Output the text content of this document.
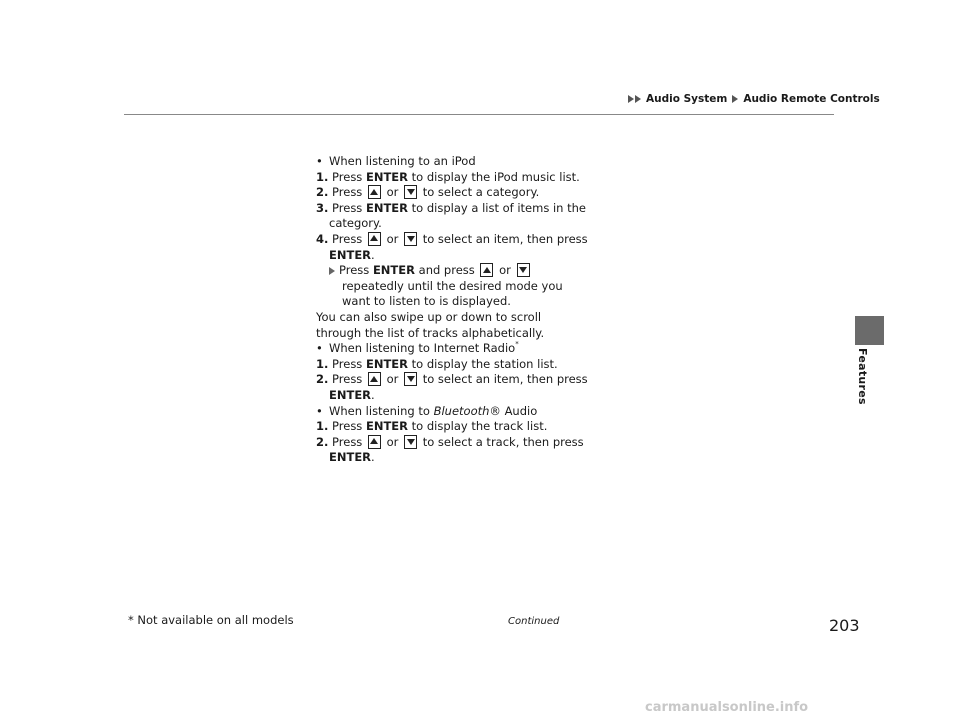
Audio System Audio Remote Controls
Features
• When listening to an iPod
1. Press ENTER to display the iPod music list.
2. Press or to select a category.
3. Press ENTER to display a list of items in the
category.
4. Press or to select an item, then press
ENTER.
Press ENTER and press or
repeatedly until the desired mode you
want to listen to is displayed.
You can also swipe up or down to scroll
through the list of tracks alphabetically.
• When listening to Internet Radio*
1. Press ENTER to display the station list.
2. Press or to select an item, then press
ENTER.
• When listening to Bluetooth® Audio
1. Press ENTER to display the track list.
2. Press or to select a track, then press
ENTER.
* Not available on all models	Continued	203
carmanualsonline.info
